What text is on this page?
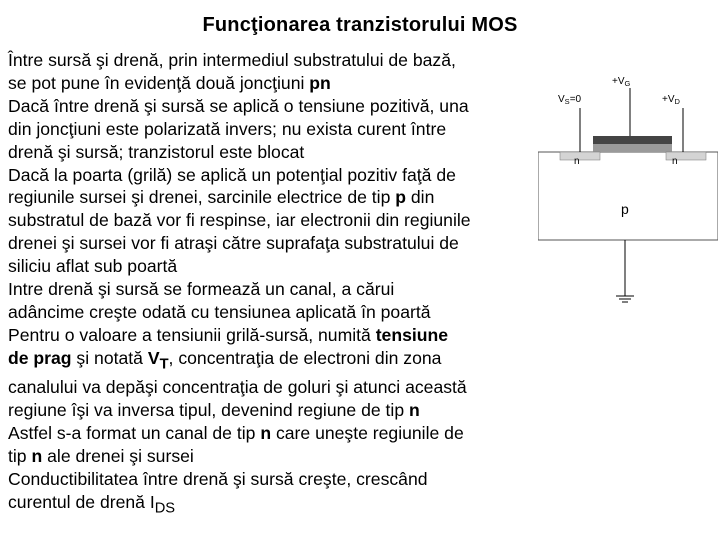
Funcţionarea tranzistorului MOS
Între sursă şi drenă, prin intermediul substratului de bază,
se pot pune în evidenţă două joncţiuni pn
Dacă între drenă şi sursă se aplică o tensiune pozitivă, una
din joncţiuni este polarizată invers; nu exista curent între
drenă şi sursă; tranzistorul este blocat
Dacă la poarta (grilă) se aplică un potenţial pozitiv faţă de
regiunile sursei şi drenei, sarcinile electrice de tip p din
substratul de bază vor fi respinse, iar electronii din regiunile
drenei şi sursei vor fi atraşi către suprafaţa substratului de
siliciu aflat sub poartă
Intre drenă şi sursă se formează un canal, a cărui
adâncime creşte odată cu tensiunea aplicată în poartă
Pentru o valoare a tensiunii grilă-sursă, numită tensiune
de prag şi notată $V_T$, concentraţia de electroni din zona
canalului va depăşi concentraţia de goluri şi atunci această
regiune îşi va inversa tipul, devenind regiune de tip n
Astfel s-a format un canal de tip n care uneşte regiunile de
tip n ale drenei şi sursei
Conductibilitatea între drenă şi sursă creşte, crescând
curentul de drenă $I_{DS}$
$+V_G$
$V_S=0$	$+V_D$
n	n
p
